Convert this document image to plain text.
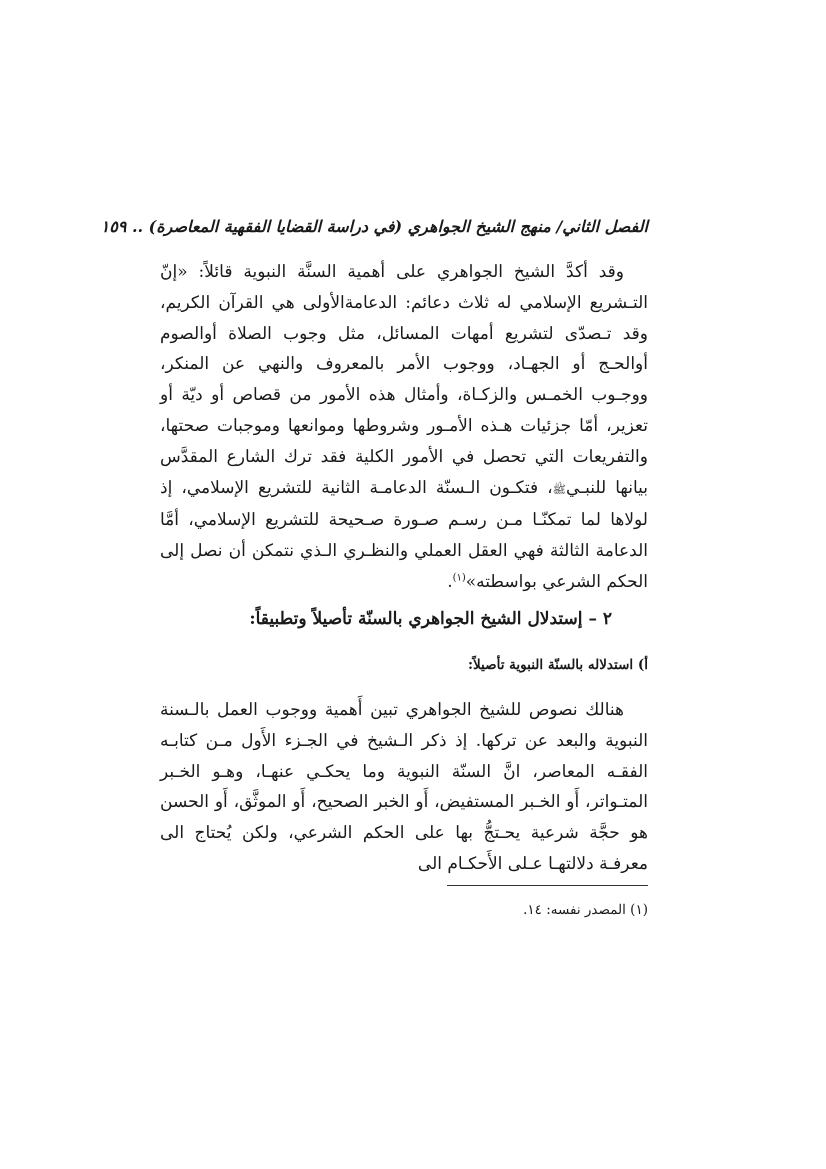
الفصل الثاني/ منهج الشيخ الجواهري (في دراسة القضايا الفقهية المعاصرة) .. ١٥٩

وقد أكدَّ الشيخ الجواهري على أهمية السنَّة النبوية قائلاً: «إنّ التـشريع الإسلامي له ثلاث دعائم: الدعامةالأولى هي القرآن الكريم، وقد تـصدّى لتشريع أمهات المسائل، مثل وجوب الصلاة أوالصوم أوالحـج أو الجهـاد، ووجوب الأمر بالمعروف والنهي عن المنكر، ووجـوب الخمـس والزكـاة، وأمثال هذه الأمور من قصاص أو ديّة أو تعزير، أمّا جزئيات هـذه الأمـور وشروطها وموانعها وموجبات صحتها، والتفريعات التي تحصل في الأمور الكلية فقد ترك الشارع المقدَّس بيانها للنبـيﷺ، فتكـون الـسنّة الدعامـة الثانية للتشريع الإسلامي، إذ لولاها لما تمكنّـا مـن رسـم صـورة صـحيحة للتشريع الإسلامي، أمَّا الدعامة الثالثة فهي العقل العملي والنظـري الـذي نتمكن أن نصل إلى الحكم الشرعي بواسطته»$^{(١)}$.

٢ – إستدلال الشيخ الجواهري بالسنّة تأصيلاً وتطبيقاً:
أ) استدلاله بالسنّة النبوية تأصيلاً:

هنالك نصوص للشيخ الجواهري تبين أَهمية ووجوب العمل بالـسنة النبوية والبعد عن تركها. إذ ذكر الـشيخ في الجـزء الأَول مـن كتابـه الفقـه المعاصر، انَّ السنّة النبوية وما يحكـي عنهـا، وهـو الخـبر المتـواتر، أَو الخـبر المستفيض، أَو الخبر الصحيح، أَو الموثَّق، أَو الحسن هو حجَّة شرعية يحـتجُّ بها على الحكم الشرعي، ولكن يُحتاج الى معرفـة دلالتهـا عـلى الأَحكـام الى

(١) المصدر نفسه: ١٤.
